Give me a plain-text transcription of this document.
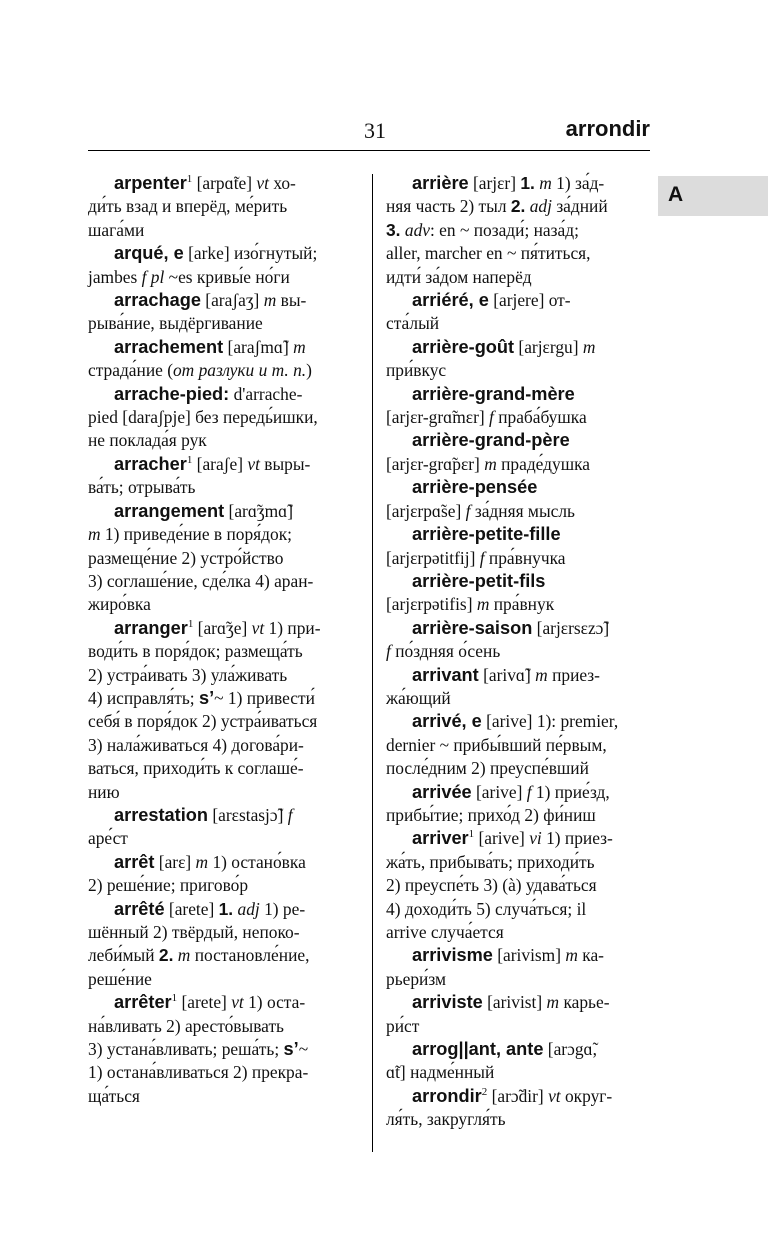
31	arrondir
A
arpenter$^1$ [arpɑ̃te] vt хо-
ди́ть взад и вперёд, ме́рить
шага́ми
arqué, e [arke] изо́гнутый;
jambes f pl ~es кривы́е но́ги
arrachage [araʃaʒ] m вы-
рыва́ние, выдёргивание
arrachement [araʃmɑ̃] m
страда́ние (от разлуки и т. п.)
arrache-pied: d'arrache-
pied [daraʃpje] без передь́ишки,
не поклада́я рук
arracher$^1$ [araʃe] vt выры-
ва́ть; отрыва́ть
arrangement [arɑ̃ʒmɑ̃]
m 1) приведе́ние в поря́док;
размеще́ние 2) устро́йство
3) соглаше́ние, сде́лка 4) аран-
жиро́вка
arranger$^1$ [arɑ̃ʒe] vt 1) при-
води́ть в поря́док; размеща́ть
2) устра́ивать 3) ула́живать
4) исправля́ть; s’~ 1) привести́
себя́ в поря́док 2) устра́иваться
3) нала́живаться 4) догова́ри-
ваться, приходи́ть к соглаше́-
нию
arrestation [arɛstasjɔ̃] f
аре́ст
arrêt [arɛ] m 1) остано́вка
2) реше́ние; пригово́р
arrêté [arete] 1. adj 1) ре-
шённый 2) твёрдый, непоко-
леби́мый 2. m постановле́ние,
реше́ние
arrêter$^1$ [arete] vt 1) оста-
на́вливать 2) аресто́вывать
3) устана́вливать; реша́ть; s’~
1) остана́вливаться 2) прекра-
ща́ться
arrière [arjɛr] 1. m 1) за́д-
няя часть 2) тыл 2. adj за́дний
3. adv: en ~ позади́; наза́д;
aller, marcher en ~ пя́титься,
идти́ за́дом наперёд
arriéré, e [arjere] от-
ста́лый
arrière-goût [arjɛrgu] m
при́вкус
arrière-grand-mère
[arjɛr-grɑ̃mɛr] f праба́бушка
arrière-grand-père
[arjɛr-grɑ̃pɛr] m праде́душка
arrière-pensée
[arjɛrpɑ̃se] f за́дняя мысль
arrière-petite-fille
[arjɛrpətitfij] f пра́внучка
arrière-petit-fils
[arjɛrpətifis] m пра́внук
arrière-saison [arjɛrsɛzɔ̃]
f по́здняя о́сень
arrivant [arivɑ̃] m приез-
жа́ющий
arrivé, e [arive] 1): premier,
dernier ~ прибы́вший пе́рвым,
после́дним 2) преуспе́вший
arrivée [arive] f 1) прие́зд,
прибы́тие; прихо́д 2) фи́ниш
arriver$^1$ [arive] vi 1) приез-
жа́ть, прибыва́ть; приходи́ть
2) преуспе́ть 3) (à) удава́ться
4) доходи́ть 5) случа́ться; il
arrive случа́ется
arrivisme [arivism] m ка-
рьери́зм
arriviste [arivist] m карье-
ри́ст
arrog||ant, ante [arɔgɑ̃,
ɑ̃t] надме́нный
arrondir$^2$ [arɔ̃dir] vt округ-
ля́ть, закругля́ть
